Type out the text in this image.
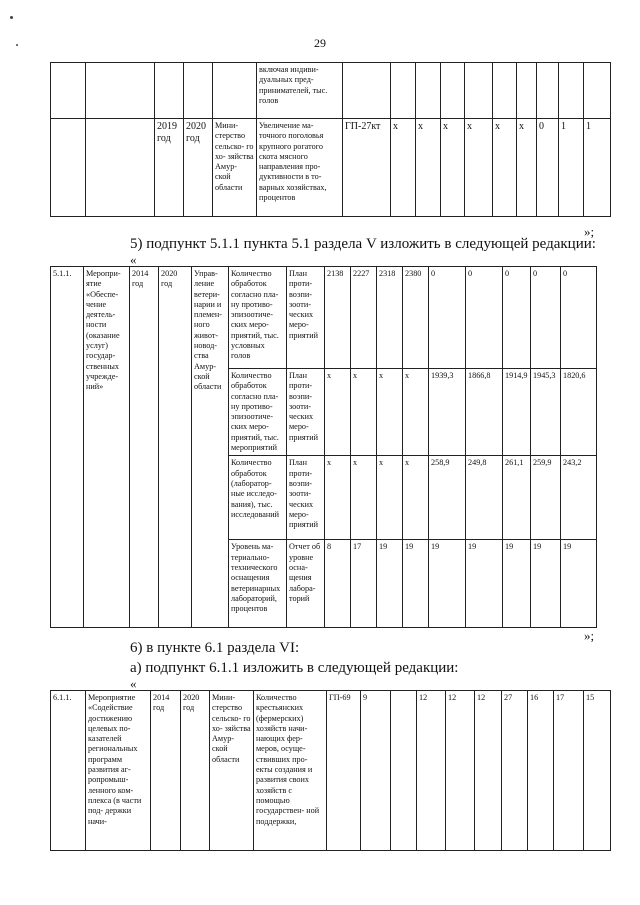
29
					включая индиви- дуальных пред- принимателей, тыс. голов										
		2019 год	2020 год	Мини- стерство сельско- го хо- зяйства Амур- ской области	Увеличение ма- точного поголовья крупного рогатого скота мясного направления про- дуктивности в то- варных хозяйствах, процентов	ГП-27кт	х	х	х	х	х	х	0	1	1
»;
5) подпункт 5.1.1 пункта 5.1 раздела V изложить в следующей редакции:
«
5.1.1.	Меропри- ятие «Обеспе- чение деятель- ности (оказание услуг) государ- ственных учрежде- ний»	2014 год	2020 год	Управ- ление ветери- нарии и племен- ного живот- новод- ства Амур- ской области	Количество обработок согласно пла- ну противо- эпизоотиче- ских меро- приятий, тыс. условных голов	План проти- воэпи- зооти- ческих меро- приятий	2138	2227	2318	2380	0	0	0	0	0
					Количество обработок согласно пла- ну противо- эпизоотиче- ских меро- приятий, тыс. мероприятий	План проти- воэпи- зооти- ческих меро- приятий	х	х	х	х	1939,3	1866,8	1914,9	1945,3	1820,6
					Количество обработок (лаборатор- ные исследо- вания), тыс. исследований	План проти- воэпи- зооти- ческих меро- приятий	х	х	х	х	258,9	249,8	261,1	259,9	243,2
					Уровень ма- териально- технического оснащения ветеринарных лабораторий, процентов	Отчет об уровне осна- щения лабора- торий	8	17	19	19	19	19	19	19	19
»;
6) в пункте 6.1 раздела VI:
а) подпункт 6.1.1 изложить в следующей редакции:
«
6.1.1.	Мероприятие «Содействие достижению целевых по- казателей региональных программ развития аг- ропромыш- ленного ком- плекса (в части под- держки начи-	2014 год	2020 год	Мини- стерство сельско- го хо- зяйства Амур- ской области	Количество крестьянских (фермерских) хозяйств начи- нающих фер- меров, осуще- ствивших про- екты создания и развития своих хозяйств с помощью государствен- ной поддержки,	ГП-69	9		12	12	12	27	16	17	15
